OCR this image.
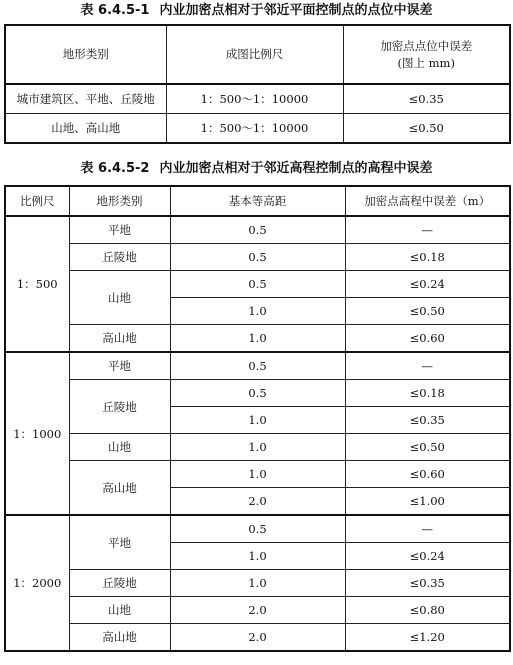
表 6.4.5-1 内业加密点相对于邻近平面控制点的点位中误差
地形类别	成图比例尺	加密点点位中误差
(图上 mm)

城市建筑区、平地、丘陵地	1：500～1：10000	≤0.35
山地、高山地	1：500～1：10000	≤0.50
表 6.4.5-2 内业加密点相对于邻近高程控制点的高程中误差
比例尺	地形类别	基本等高距	加密点高程中误差（m）
1：500	平地	0.5	—
	丘陵地	0.5	≤0.18
	山地	0.5	≤0.24
		1.0	≤0.50
	高山地	1.0	≤0.60
1：1000	平地	0.5	—
	丘陵地	0.5	≤0.18
		1.0	≤0.35
	山地	1.0	≤0.50
	高山地	1.0	≤0.60
		2.0	≤1.00
1：2000	平地	0.5	—
		1.0	≤0.24
	丘陵地	1.0	≤0.35
	山地	2.0	≤0.80
	高山地	2.0	≤1.20
